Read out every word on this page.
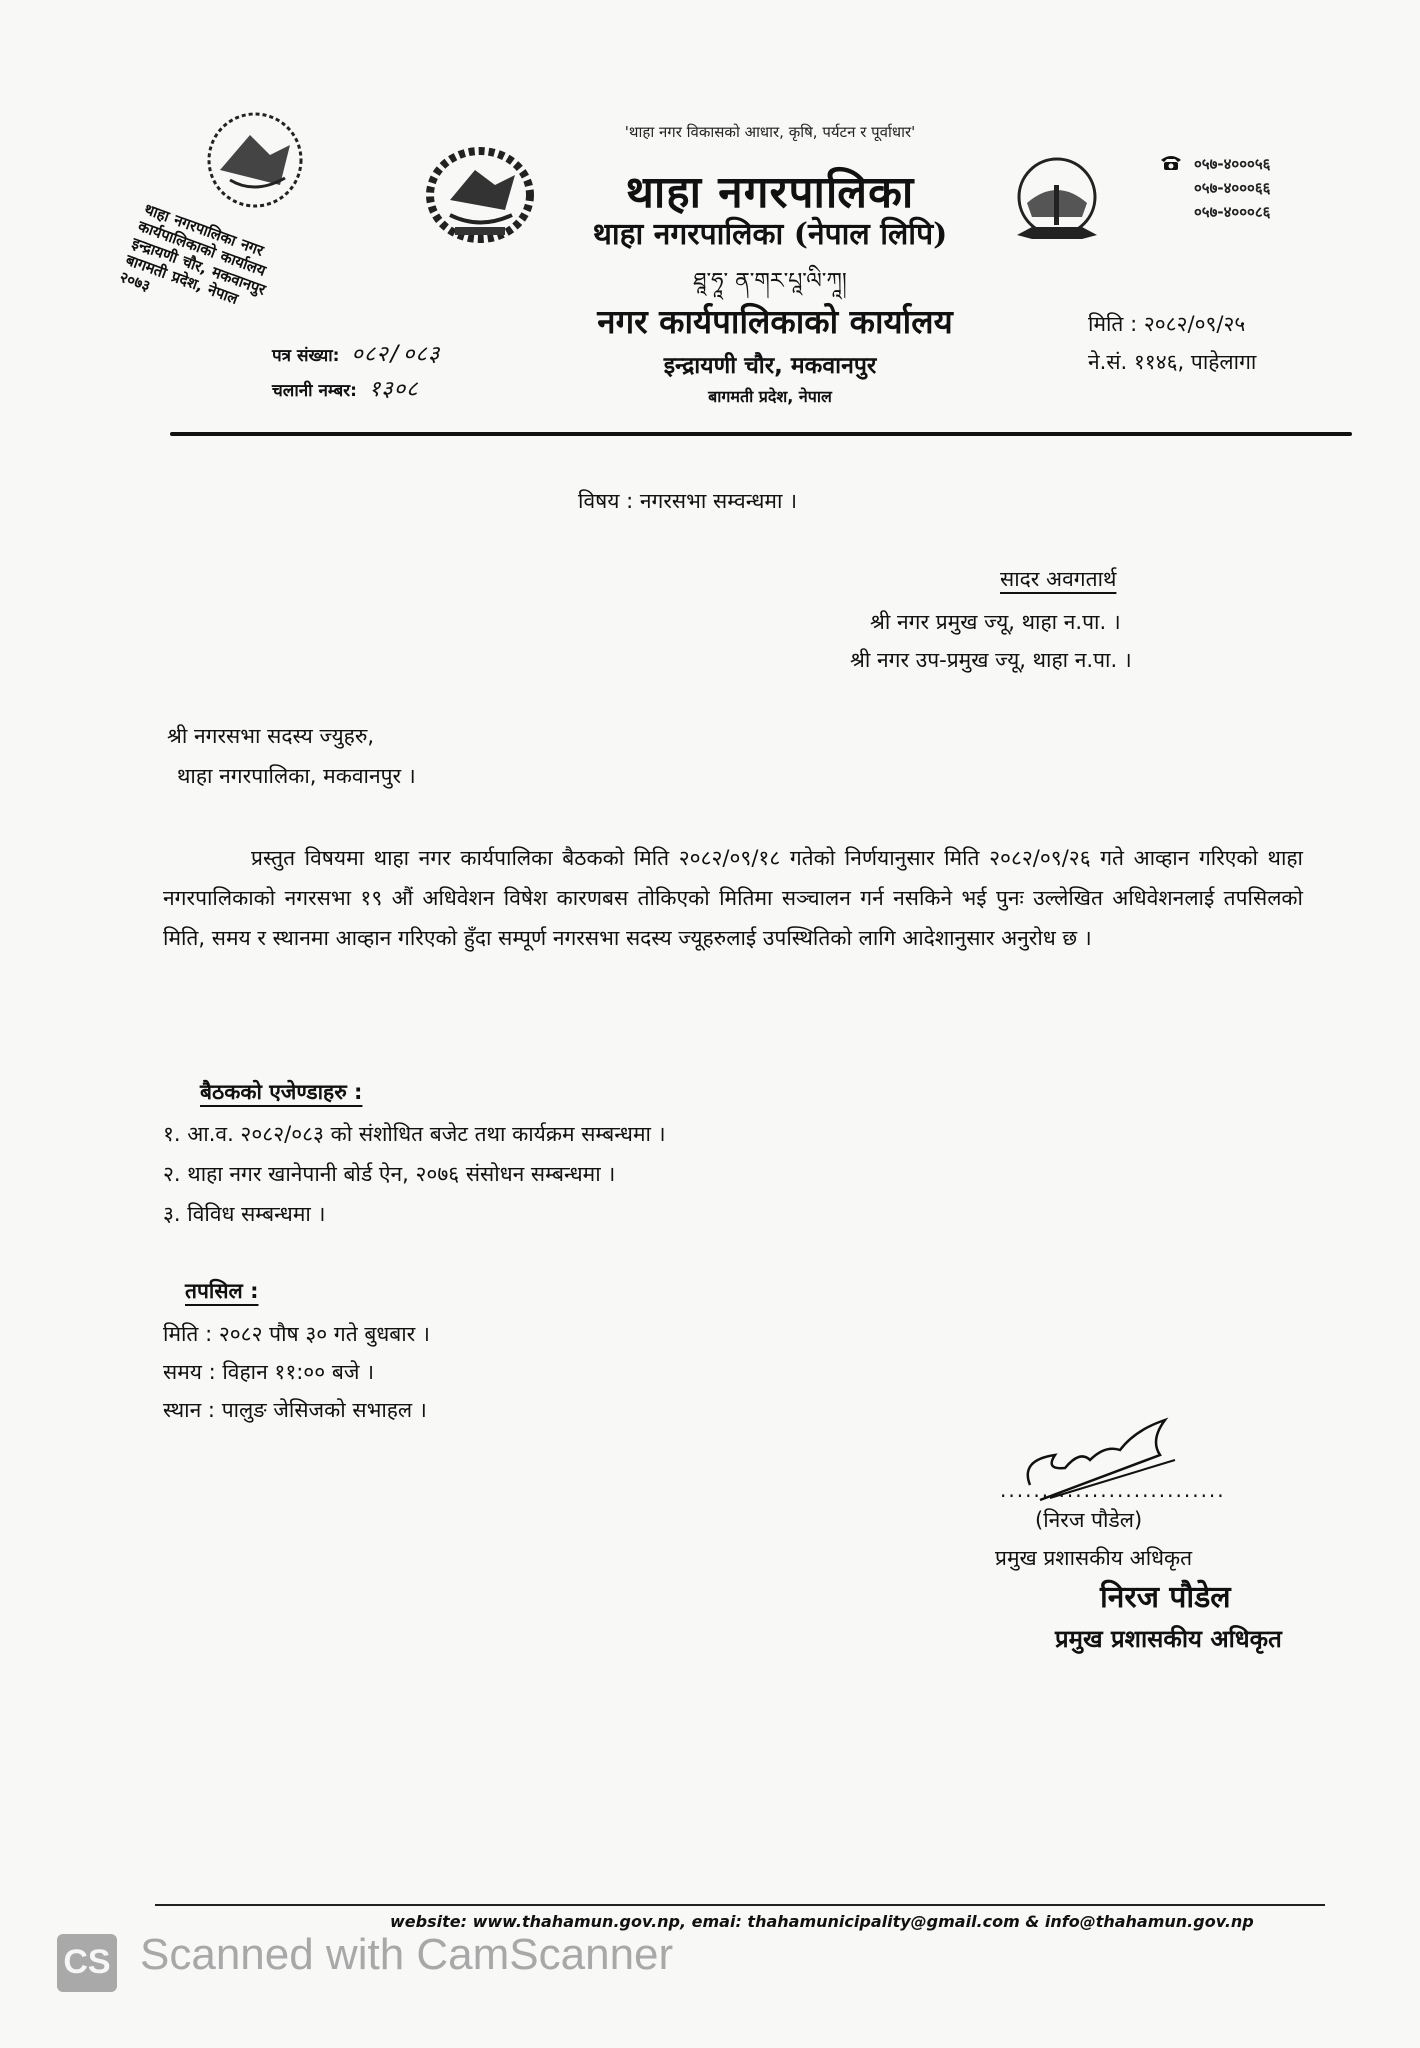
थाहा नगरपालिका नगर कार्यपालिकाको कार्यालय इन्द्रायणी चौर, मकवानपुर बागमती प्रदेश, नेपाल २०७३
'थाहा नगर विकासको आधार, कृषि, पर्यटन र पूर्वाधार'
थाहा नगरपालिका
थाहा नगरपालिका (नेपाल लिपि)
ཐཱ་ཧཱ་ ན་གར་པཱ་ལི་ཀཱ།
नगर कार्यपालिकाको कार्यालय
इन्द्रायणी चौर, मकवानपुर
बागमती प्रदेश, नेपाल
०५७-४०००५६
०५७-४०००६६
०५७-४०००८६
पत्र संख्या: ०८२/०८३
चलानी नम्बर: १३०८
मिति : २०८२/०९/२५
ने.सं. ११४६, पाहेलागा
विषय : नगरसभा सम्वन्धमा ।
सादर अवगतार्थ
श्री नगर प्रमुख ज्यू, थाहा न.पा. ।
श्री नगर उप-प्रमुख ज्यू, थाहा न.पा. ।
श्री नगरसभा सदस्य ज्युहरु,
थाहा नगरपालिका, मकवानपुर ।
प्रस्तुत विषयमा थाहा नगर कार्यपालिका बैठकको मिति २०८२/०९/१८ गतेको निर्णयानुसार मिति २०८२/०९/२६ गते आव्हान गरिएको थाहा नगरपालिकाको नगरसभा १९ औं अधिवेशन विषेश कारणबस तोकिएको मितिमा सञ्चालन गर्न नसकिने भई पुनः उल्लेखित अधिवेशनलाई तपसिलको मिति, समय र स्थानमा आव्हान गरिएको हुँदा सम्पूर्ण नगरसभा सदस्य ज्यूहरुलाई उपस्थितिको लागि आदेशानुसार अनुरोध छ ।
बैठकको एजेण्डाहरु :
१. आ.व. २०८२/०८३ को संशोधित बजेट तथा कार्यक्रम सम्बन्धमा ।
२. थाहा नगर खानेपानी बोर्ड ऐन, २०७६ संसोधन सम्बन्धमा ।
३. विविध सम्बन्धमा ।
तपसिल :
मिति : २०८२ पौष ३० गते बुधबार ।
समय : विहान ११:०० बजे ।
स्थान : पालुङ जेसिजको सभाहल ।
...........................
(निरज पौडेल)
प्रमुख प्रशासकीय अधिकृत
निरज पौडेल
प्रमुख प्रशासकीय अधिकृत
website: www.thahamun.gov.np, emai: thahamunicipality@gmail.com & info@thahamun.gov.np
CS Scanned with CamScanner
